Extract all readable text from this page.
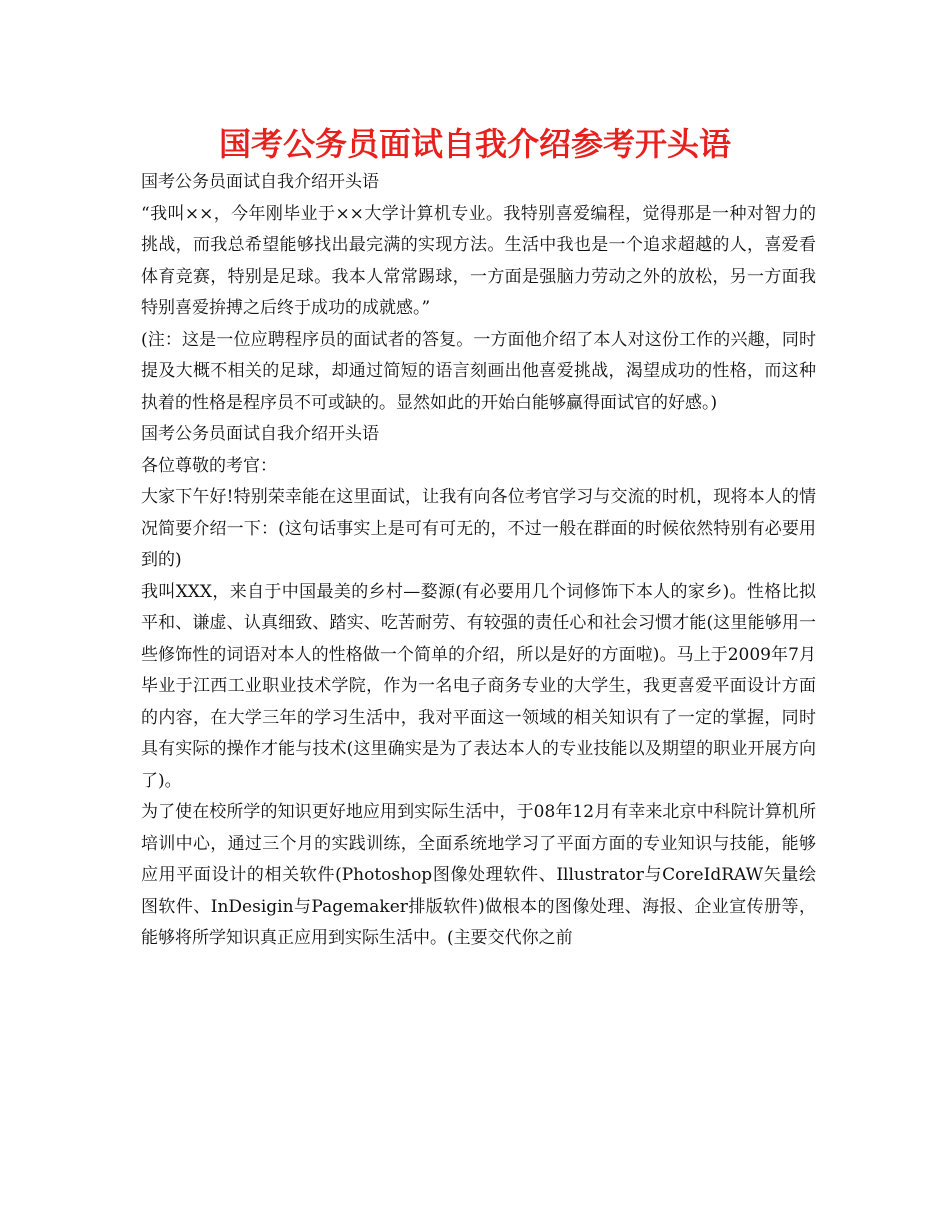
国考公务员面试自我介绍参考开头语

国考公务员面试自我介绍开头语

“我叫××，今年刚毕业于××大学计算机专业。我特别喜爱编程，觉得那是一种对智力的挑战，而我总希望能够找出最完满的实现方法。生活中我也是一个追求超越的人，喜爱看体育竞赛，特别是足球。我本人常常踢球，一方面是强脑力劳动之外的放松，另一方面我特别喜爱拚搏之后终于成功的成就感。”

(注：这是一位应聘程序员的面试者的答复。一方面他介绍了本人对这份工作的兴趣，同时提及大概不相关的足球，却通过简短的语言刻画出他喜爱挑战，渴望成功的性格，而这种执着的性格是程序员不可或缺的。显然如此的开始白能够赢得面试官的好感。)

国考公务员面试自我介绍开头语

各位尊敬的考官：

大家下午好!特别荣幸能在这里面试，让我有向各位考官学习与交流的时机，现将本人的情况简要介绍一下：(这句话事实上是可有可无的，不过一般在群面的时候依然特别有必要用到的)

我叫XXX，来自于中国最美的乡村—婺源(有必要用几个词修饰下本人的家乡)。性格比拟平和、谦虚、认真细致、踏实、吃苦耐劳、有较强的责任心和社会习惯才能(这里能够用一些修饰性的词语对本人的性格做一个简单的介绍，所以是好的方面啦)。马上于2009年7月毕业于江西工业职业技术学院，作为一名电子商务专业的大学生，我更喜爱平面设计方面的内容，在大学三年的学习生活中，我对平面这一领域的相关知识有了一定的掌握，同时具有实际的操作才能与技术(这里确实是为了表达本人的专业技能以及期望的职业开展方向了)。

为了使在校所学的知识更好地应用到实际生活中，于08年12月有幸来北京中科院计算机所培训中心，通过三个月的实践训练，全面系统地学习了平面方面的专业知识与技能，能够应用平面设计的相关软件(Photoshop图像处理软件、Illustrator与CoreIdRAW矢量绘图软件、InDesigin与Pagemaker排版软件)做根本的图像处理、海报、企业宣传册等，能够将所学知识真正应用到实际生活中。(主要交代你之前
